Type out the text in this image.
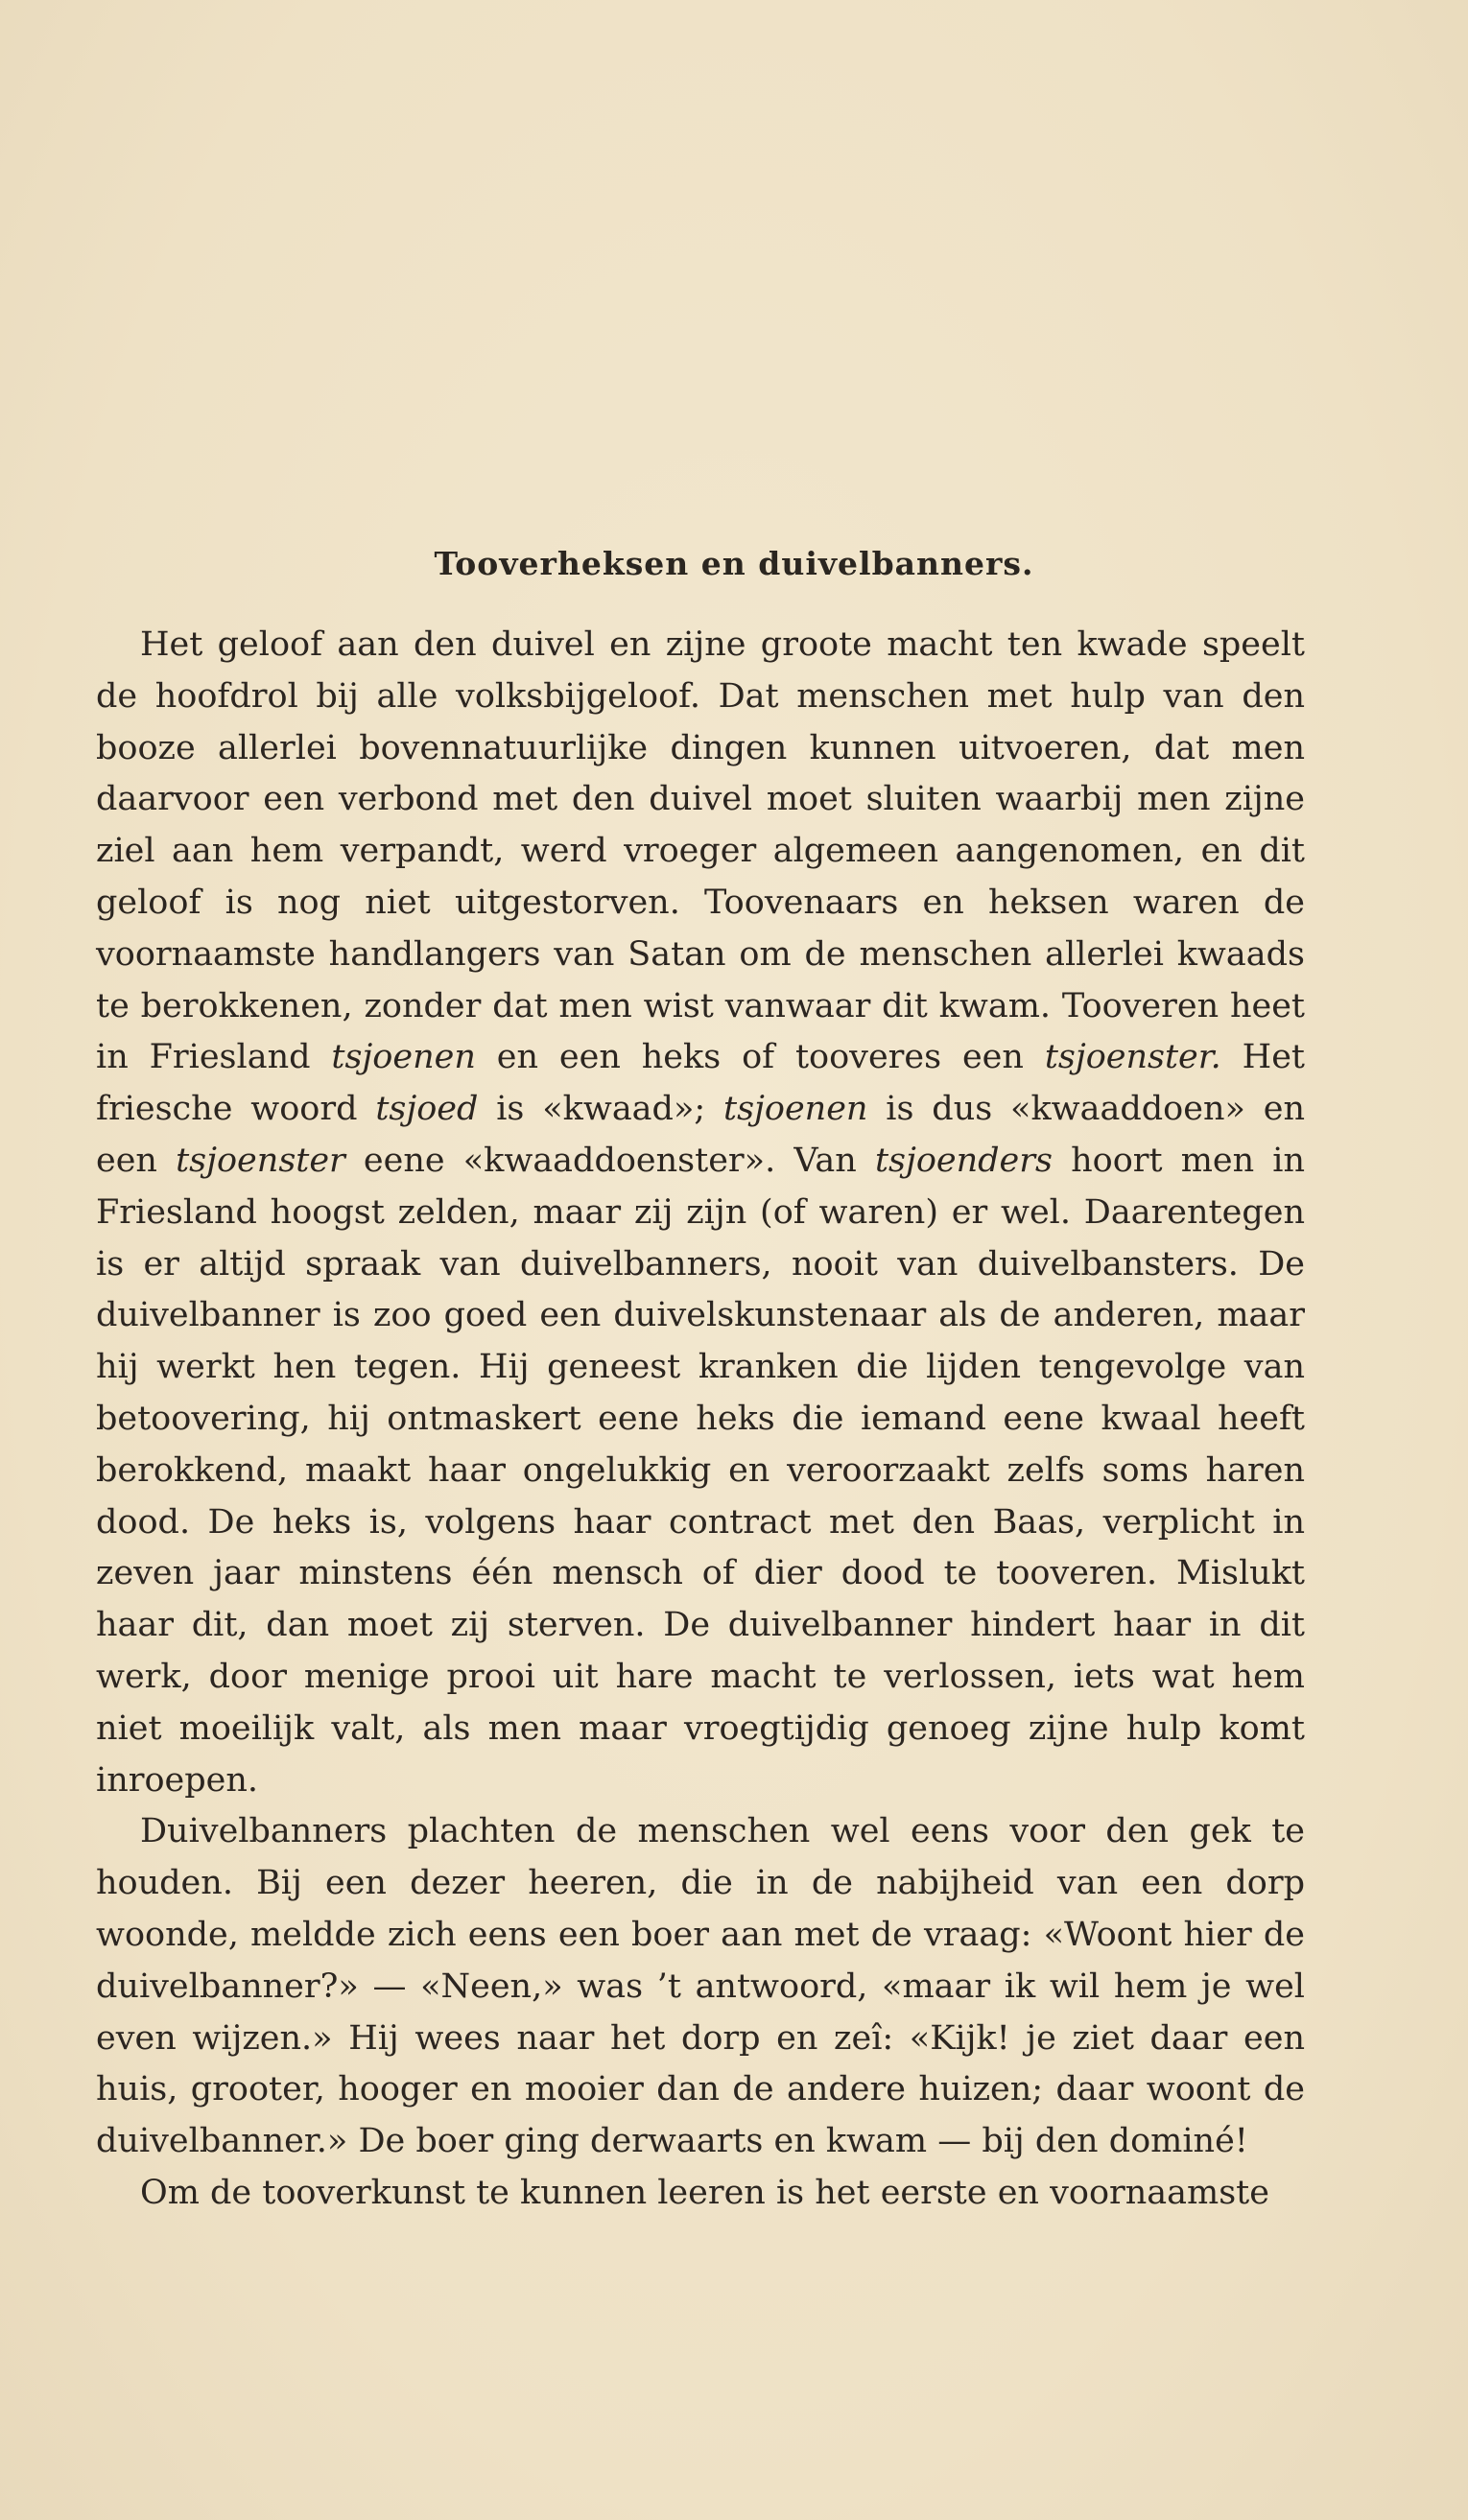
Tooverheksen en duivelbanners.

Het geloof aan den duivel en zijne groote macht ten kwade speelt de hoofdrol bij alle volksbijgeloof. Dat menschen met hulp van den booze allerlei bovennatuurlijke dingen kunnen uitvoeren, dat men daarvoor een verbond met den duivel moet sluiten waarbij men zijne ziel aan hem verpandt, werd vroeger algemeen aangenomen, en dit geloof is nog niet uitgestorven. Toovenaars en heksen waren de voornaamste handlangers van Satan om de menschen allerlei kwaads te berokkenen, zonder dat men wist vanwaar dit kwam. Tooveren heet in Friesland tsjoenen en een heks of tooveres een tsjoenster. Het friesche woord tsjoed is «kwaad»; tsjoenen is dus «kwaaddoen» en een tsjoenster eene «kwaaddoenster». Van tsjoenders hoort men in Friesland hoogst zelden, maar zij zijn (of waren) er wel. Daarentegen is er altijd spraak van duivelbanners, nooit van duivelbansters. De duivelbanner is zoo goed een duivelskunstenaar als de anderen, maar hij werkt hen tegen. Hij geneest kranken die lijden tengevolge van betoovering, hij ontmaskert eene heks die iemand eene kwaal heeft berokkend, maakt haar ongelukkig en veroorzaakt zelfs soms haren dood. De heks is, volgens haar contract met den Baas, verplicht in zeven jaar minstens één mensch of dier dood te tooveren. Mislukt haar dit, dan moet zij sterven. De duivelbanner hindert haar in dit werk, door menige prooi uit hare macht te verlossen, iets wat hem niet moeilijk valt, als men maar vroegtijdig genoeg zijne hulp komt inroepen.

Duivelbanners plachten de menschen wel eens voor den gek te houden. Bij een dezer heeren, die in de nabijheid van een dorp woonde, meldde zich eens een boer aan met de vraag: «Woont hier de duivelbanner?» — «Neen,» was ’t antwoord, «maar ik wil hem je wel even wijzen.» Hij wees naar het dorp en zeî: «Kijk! je ziet daar een huis, grooter, hooger en mooier dan de andere huizen; daar woont de duivelbanner.» De boer ging derwaarts en kwam — bij den dominé!

Om de tooverkunst te kunnen leeren is het eerste en voornaamste
